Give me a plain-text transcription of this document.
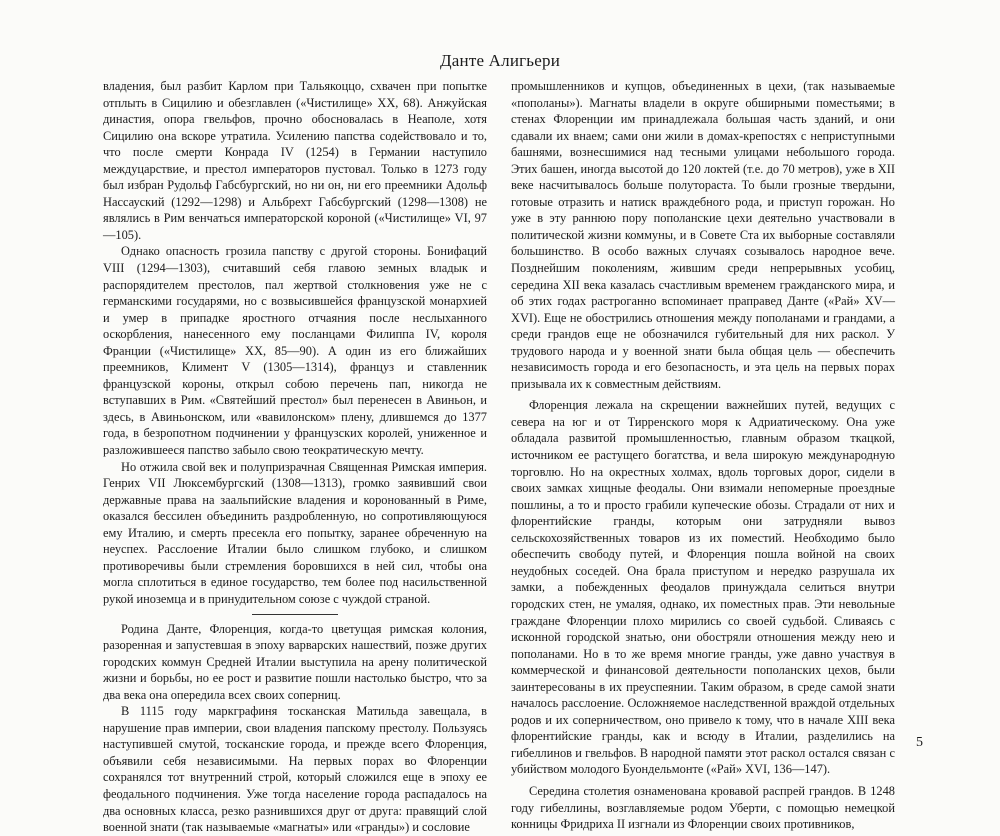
Данте Алигьери

владения, был разбит Карлом при Тальякоццо, схвачен при попытке отплыть в Сицилию и обезглавлен («Чистилище» XX, 68). Анжуйская династия, опора гвельфов, прочно обосновалась в Неаполе, хотя Сицилию она вскоре утратила. Усилению папства содействовало и то, что после смерти Конрада IV (1254) в Германии наступило междуцарствие, и престол императоров пустовал. Только в 1273 году был избран Рудольф Габсбургский, но ни он, ни его преемники Адольф Нассауский (1292—1298) и Альбрехт Габсбургский (1298—1308) не являлись в Рим венчаться императорской короной («Чистилище» VI, 97—105).

Однако опасность грозила папству с другой стороны. Бонифаций VIII (1294—1303), считавший себя главою земных владык и распорядителем престолов, пал жертвой столкновения уже не с германскими государями, но с возвысившейся французской монархией и умер в припадке яростного отчаяния после неслыханного оскорбления, нанесенного ему посланцами Филиппа IV, короля Франции («Чистилище» XX, 85—90). А один из его ближайших преемников, Климент V (1305—1314), француз и ставленник французской короны, открыл собою перечень пап, никогда не вступавших в Рим. «Святейший престол» был перенесен в Авиньон, и здесь, в Авиньонском, или «вавилонском» плену, длившемся до 1377 года, в безропотном подчинении у французских королей, униженное и разложившееся папство забыло свою теократическую мечту.

Но отжила свой век и полупризрачная Священная Римская империя. Генрих VII Люксембургский (1308—1313), громко заявивший свои державные права на заальпийские владения и коронованный в Риме, оказался бессилен объединить раздробленную, но сопротивляющуюся ему Италию, и смерть пресекла его попытку, заранее обреченную на неуспех. Расслоение Италии было слишком глубоко, и слишком противоречивы были стремления боровшихся в ней сил, чтобы она могла сплотиться в единое государство, тем более под насильственной рукой иноземца и в принудительном союзе с чуждой страной.

Родина Данте, Флоренция, когда-то цветущая римская колония, разоренная и запустевшая в эпоху варварских нашествий, позже других городских коммун Средней Италии выступила на арену политической жизни и борьбы, но ее рост и развитие пошли настолько быстро, что за два века она опередила всех своих соперниц.

В 1115 году маркграфиня тосканская Матильда завещала, в нарушение прав империи, свои владения папскому престолу. Пользуясь наступившей смутой, тосканские города, и прежде всего Флоренция, объявили себя независимыми. На первых порах во Флоренции сохранялся тот внутренний строй, который сложился еще в эпоху ее феодального подчинения. Уже тогда население города распадалось на два основных класса, резко разнившихся друг от друга: правящий слой военной знати (так называемые «магнаты» или «гранды») и сословие

промышленников и купцов, объединенных в цехи, (так называемые «пополаны»). Магнаты владели в округе обширными поместьями; в стенах Флоренции им принадлежала большая часть зданий, и они сдавали их внаем; сами они жили в домах-крепостях с неприступными башнями, вознесшимися над тесными улицами небольшого города. Этих башен, иногда высотой до 120 локтей (т.е. до 70 метров), уже в XII веке насчитывалось больше полутораста. То были грозные твердыни, готовые отразить и натиск враждебного рода, и приступ горожан. Но уже в эту раннюю пору пополанские цехи деятельно участвовали в политической жизни коммуны, и в Совете Ста их выборные составляли большинство. В особо важных случаях созывалось народное вече. Позднейшим поколениям, жившим среди непрерывных усобиц, середина XII века казалась счастливым временем гражданского мира, и об этих годах растроганно вспоминает праправед Данте («Рай» XV—XVI). Еще не обострились отношения между пополанами и грандами, а среди грандов еще не обозначился губительный для них раскол. У трудового народа и у военной знати была общая цель — обеспечить независимость города и его безопасность, и эта цель на первых порах призывала их к совместным действиям.

Флоренция лежала на скрещении важнейших путей, ведущих с севера на юг и от Тирренского моря к Адриатическому. Она уже обладала развитой промышленностью, главным образом ткацкой, источником ее растущего богатства, и вела широкую международную торговлю. Но на окрестных холмах, вдоль торговых дорог, сидели в своих замках хищные феодалы. Они взимали непомерные проездные пошлины, а то и просто грабили купеческие обозы. Страдали от них и флорентийские гранды, которым они затрудняли вывоз сельскохозяйственных товаров из их поместий. Необходимо было обеспечить свободу путей, и Флоренция пошла войной на своих неудобных соседей. Она брала приступом и нередко разрушала их замки, а побежденных феодалов принуждала селиться внутри городских стен, не умаляя, однако, их поместных прав. Эти невольные граждане Флоренции плохо мирились со своей судьбой. Сливаясь с исконной городской знатью, они обостряли отношения между нею и пополанами. Но в то же время многие гранды, уже давно участвуя в коммерческой и финансовой деятельности пополанских цехов, были заинтересованы в их преуспеянии. Таким образом, в среде самой знати началось расслоение. Осложняемое наследственной враждой отдельных родов и их соперничеством, оно привело к тому, что в начале XIII века флорентийские гранды, как и всюду в Италии, разделились на гибеллинов и гвельфов. В народной памяти этот раскол остался связан с убийством молодого Буондельмонте («Рай» XVI, 136—147).

Середина столетия ознаменована кровавой распрей грандов. В 1248 году гибеллины, возглавляемые родом Уберти, с помощью немецкой конницы Фридриха II изгнали из Флоренции своих противников,

5
